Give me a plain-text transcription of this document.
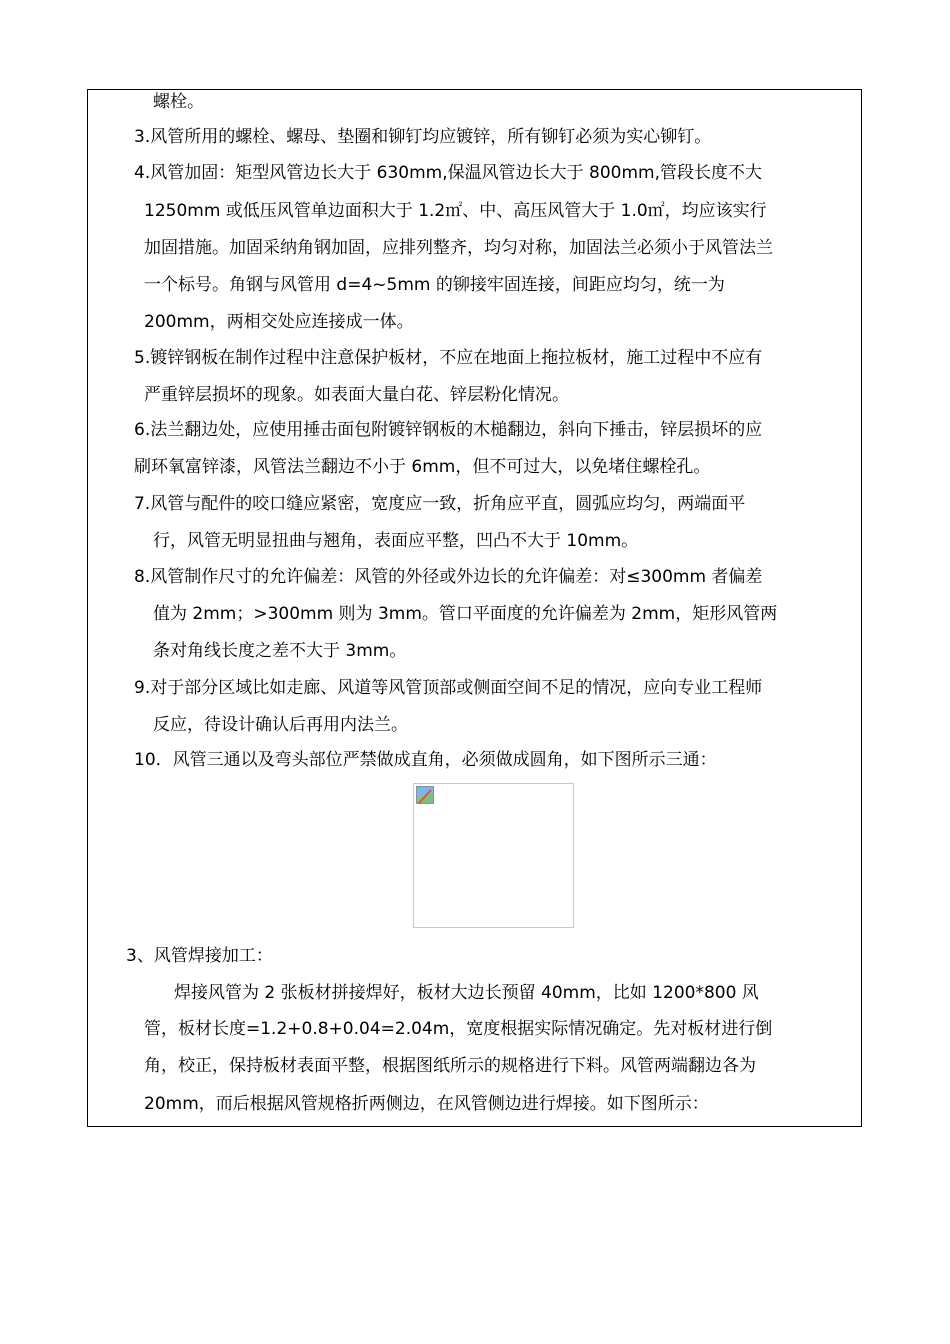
螺栓。
3.风管所用的螺栓、螺母、垫圈和铆钉均应镀锌，所有铆钉必须为实心铆钉。
4.风管加固：矩型风管边长大于 630mm,保温风管边长大于 800mm,管段长度不大
1250mm 或低压风管单边面积大于 1.2㎡、中、高压风管大于 1.0㎡，均应该实行
加固措施。加固采纳角钢加固，应排列整齐，均匀对称，加固法兰必须小于风管法兰
一个标号。角钢与风管用 d=4~5mm 的铆接牢固连接，间距应均匀，统一为
200mm，两相交处应连接成一体。
5.镀锌钢板在制作过程中注意保护板材，不应在地面上拖拉板材，施工过程中不应有
严重锌层损坏的现象。如表面大量白花、锌层粉化情况。
6.法兰翻边处，应使用捶击面包附镀锌钢板的木槌翻边，斜向下捶击，锌层损坏的应
刷环氧富锌漆，风管法兰翻边不小于 6mm，但不可过大，以免堵住螺栓孔。
7.风管与配件的咬口缝应紧密，宽度应一致，折角应平直，圆弧应均匀，两端面平
行，风管无明显扭曲与翘角，表面应平整，凹凸不大于 10mm。
8.风管制作尺寸的允许偏差：风管的外径或外边长的允许偏差：对≤300mm 者偏差
值为 2mm；>300mm 则为 3mm。管口平面度的允许偏差为 2mm，矩形风管两
条对角线长度之差不大于 3mm。
9.对于部分区域比如走廊、风道等风管顶部或侧面空间不足的情况，应向专业工程师
反应，待设计确认后再用内法兰。
10．风管三通以及弯头部位严禁做成直角，必须做成圆角，如下图所示三通：
3、风管焊接加工：
焊接风管为 2 张板材拼接焊好，板材大边长预留 40mm，比如 1200*800 风
管，板材长度=1.2+0.8+0.04=2.04m，宽度根据实际情况确定。先对板材进行倒
角，校正，保持板材表面平整，根据图纸所示的规格进行下料。风管两端翻边各为
20mm，而后根据风管规格折两侧边，在风管侧边进行焊接。如下图所示：
